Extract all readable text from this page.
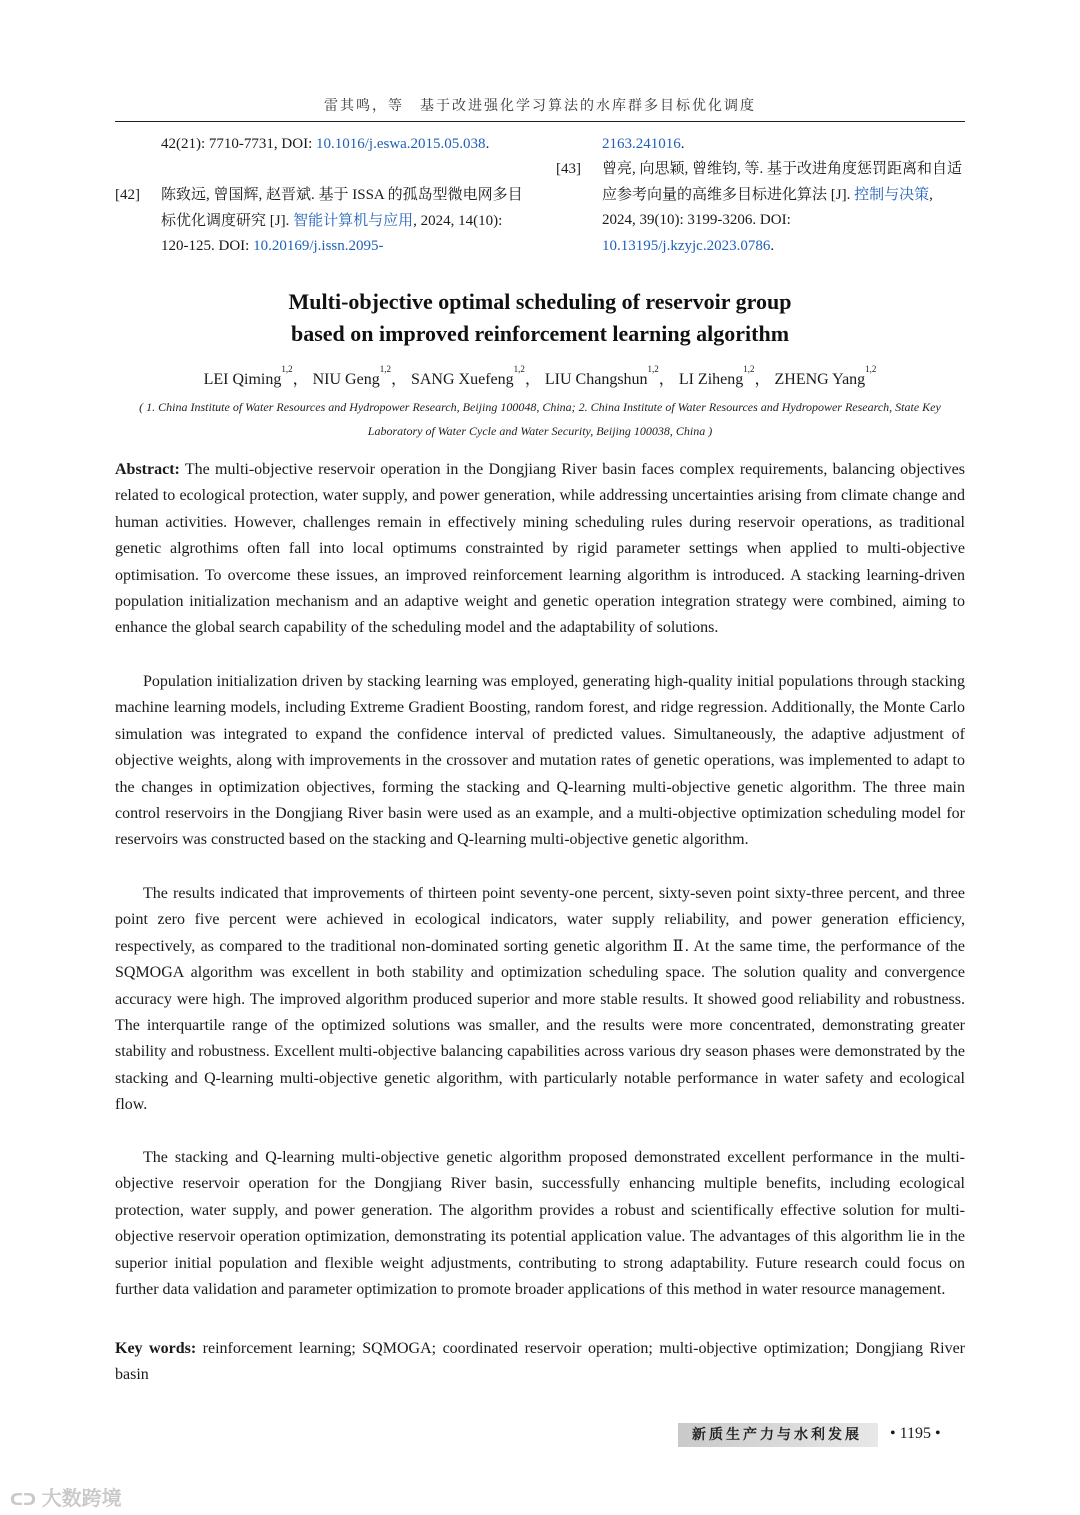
雷其鸣，等　基于改进强化学习算法的水库群多目标优化调度
42(21): 7710-7731, DOI: 10.1016/j.eswa.2015.05.038.
[42] 陈致远, 曾国辉, 赵晋斌. 基于 ISSA 的孤岛型微电网多目标优化调度研究 [J]. 智能计算机与应用, 2024, 14(10): 120-125. DOI: 10.20169/j.issn.2095-
2163.241016.
[43] 曾亮, 向思颖, 曾维钧, 等. 基于改进角度惩罚距离和自适应参考向量的高维多目标进化算法 [J]. 控制与决策, 2024, 39(10): 3199-3206. DOI: 10.13195/j.kzyjc.2023.0786.
Multi-objective optimal scheduling of reservoir group
based on improved reinforcement learning algorithm
LEI Qiming$^{1,2}$， NIU Geng$^{1,2}$， SANG Xuefeng$^{1,2}$， LIU Changshun$^{1,2}$， LI Ziheng$^{1,2}$， ZHENG Yang$^{1,2}$
( 1. China Institute of Water Resources and Hydropower Research, Beijing 100048, China; 2. China Institute of Water Resources and Hydropower Research, State Key Laboratory of Water Cycle and Water Security, Beijing 100038, China )
Abstract: The multi-objective reservoir operation in the Dongjiang River basin faces complex requirements, balancing objectives related to ecological protection, water supply, and power generation, while addressing uncertainties arising from climate change and human activities. However, challenges remain in effectively mining scheduling rules during reservoir operations, as traditional genetic algrothims often fall into local optimums constrainted by rigid parameter settings when applied to multi-objective optimisation. To overcome these issues, an improved reinforcement learning algorithm is introduced. A stacking learning-driven population initialization mechanism and an adaptive weight and genetic operation integration strategy were combined, aiming to enhance the global search capability of the scheduling model and the adaptability of solutions.
Population initialization driven by stacking learning was employed, generating high-quality initial populations through stacking machine learning models, including Extreme Gradient Boosting, random forest, and ridge regression. Additionally, the Monte Carlo simulation was integrated to expand the confidence interval of predicted values. Simultaneously, the adaptive adjustment of objective weights, along with improvements in the crossover and mutation rates of genetic operations, was implemented to adapt to the changes in optimization objectives, forming the stacking and Q-learning multi-objective genetic algorithm. The three main control reservoirs in the Dongjiang River basin were used as an example, and a multi-objective optimization scheduling model for reservoirs was constructed based on the stacking and Q-learning multi-objective genetic algorithm.
The results indicated that improvements of thirteen point seventy-one percent, sixty-seven point sixty-three percent, and three point zero five percent were achieved in ecological indicators, water supply reliability, and power generation efficiency, respectively, as compared to the traditional non-dominated sorting genetic algorithm Ⅱ. At the same time, the performance of the SQMOGA algorithm was excellent in both stability and optimization scheduling space. The solution quality and convergence accuracy were high. The improved algorithm produced superior and more stable results. It showed good reliability and robustness. The interquartile range of the optimized solutions was smaller, and the results were more concentrated, demonstrating greater stability and robustness. Excellent multi-objective balancing capabilities across various dry season phases were demonstrated by the stacking and Q-learning multi-objective genetic algorithm, with particularly notable performance in water safety and ecological flow.
The stacking and Q-learning multi-objective genetic algorithm proposed demonstrated excellent performance in the multi-objective reservoir operation for the Dongjiang River basin, successfully enhancing multiple benefits, including ecological protection, water supply, and power generation. The algorithm provides a robust and scientifically effective solution for multi-objective reservoir operation optimization, demonstrating its potential application value. The advantages of this algorithm lie in the superior initial population and flexible weight adjustments, contributing to strong adaptability. Future research could focus on further data validation and parameter optimization to promote broader applications of this method in water resource management.
Key words: reinforcement learning; SQMOGA; coordinated reservoir operation; multi-objective optimization; Dongjiang River basin
新质生产力与水利发展	• 1195 •
ᑕᑐ 大数跨境
